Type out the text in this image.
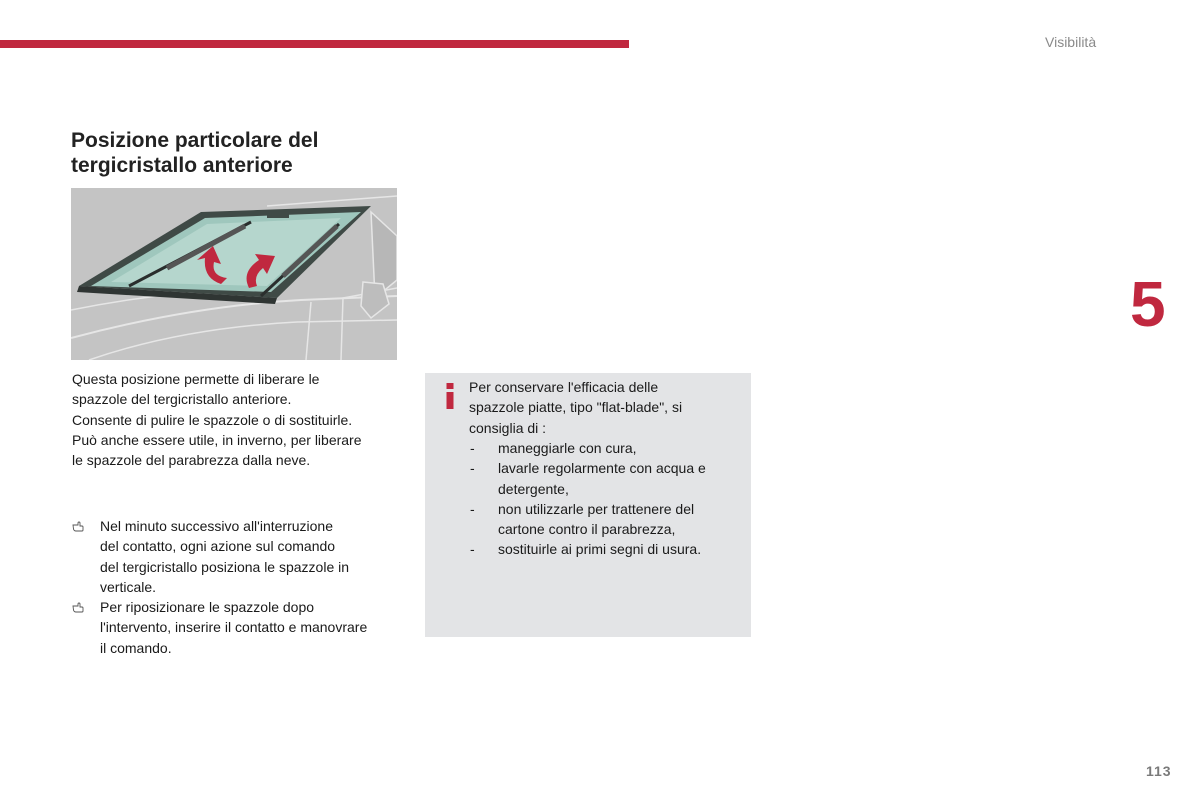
Visibilità
5
Posizione particolare del tergicristallo anteriore

Questa posizione permette di liberare le
spazzole del tergicristallo anteriore.
Consente di pulire le spazzole o di sostituirle.
Può anche essere utile, in inverno, per liberare
le spazzole del parabrezza dalla neve.

Nel minuto successivo all'interruzione
del contatto, ogni azione sul comando
del tergicristallo posiziona le spazzole in
verticale.
Per riposizionare le spazzole dopo
l'intervento, inserire il contatto e manovrare
il comando.

Per conservare l'efficacia delle
spazzole piatte, tipo "flat-blade", si
consiglia di :

- maneggiarle con cura,
- lavarle regolarmente con acqua e
detergente,
- non utilizzarle per trattenere del
cartone contro il parabrezza,
- sostituirle ai primi segni di usura.
113
